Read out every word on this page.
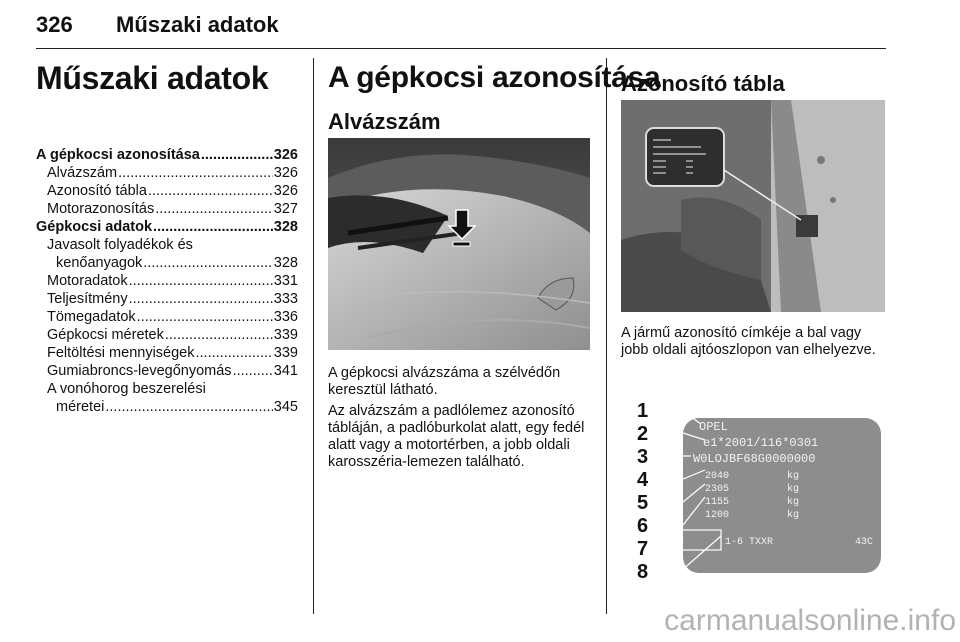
326 Műszaki adatok
Műszaki adatok
A gépkocsi azonosítása .....	326
Alvázszám .....	326
Azonosító tábla .....	326
Motorazonosítás .....	327
Gépkocsi adatok .....	328
Javasolt folyadékok és
kenőanyagok .....	328
Motoradatok .....	331
Teljesítmény .....	333
Tömegadatok .....	336
Gépkocsi méretek .....	339
Feltöltési mennyiségek .....	339
Gumiabroncs-levegőnyomás .....	341
A vonóhorog beszerelési
méretei .....	345
A gépkocsi azonosítása
Alvázszám

A gépkocsi alvázszáma a szélvédőn keresztül látható.

Az alvázszám a padlólemez azonosító tábláján, a padlóburkolat alatt, egy fedél alatt vagy a motortérben, a jobb oldali karosszéria-lemezen található.

Azonosító tábla

A jármű azonosító címkéje a bal vagy jobb oldali ajtóoszlopon van elhelyezve.

1
2
3
4
5
6
7
8
OPEL
e1*2001/116*0301
W0LOJBF68G0000000
2040
2305
1155
1200
kg
kg
kg
kg
1-6 TXXR	43C
carmanualsonline.info
